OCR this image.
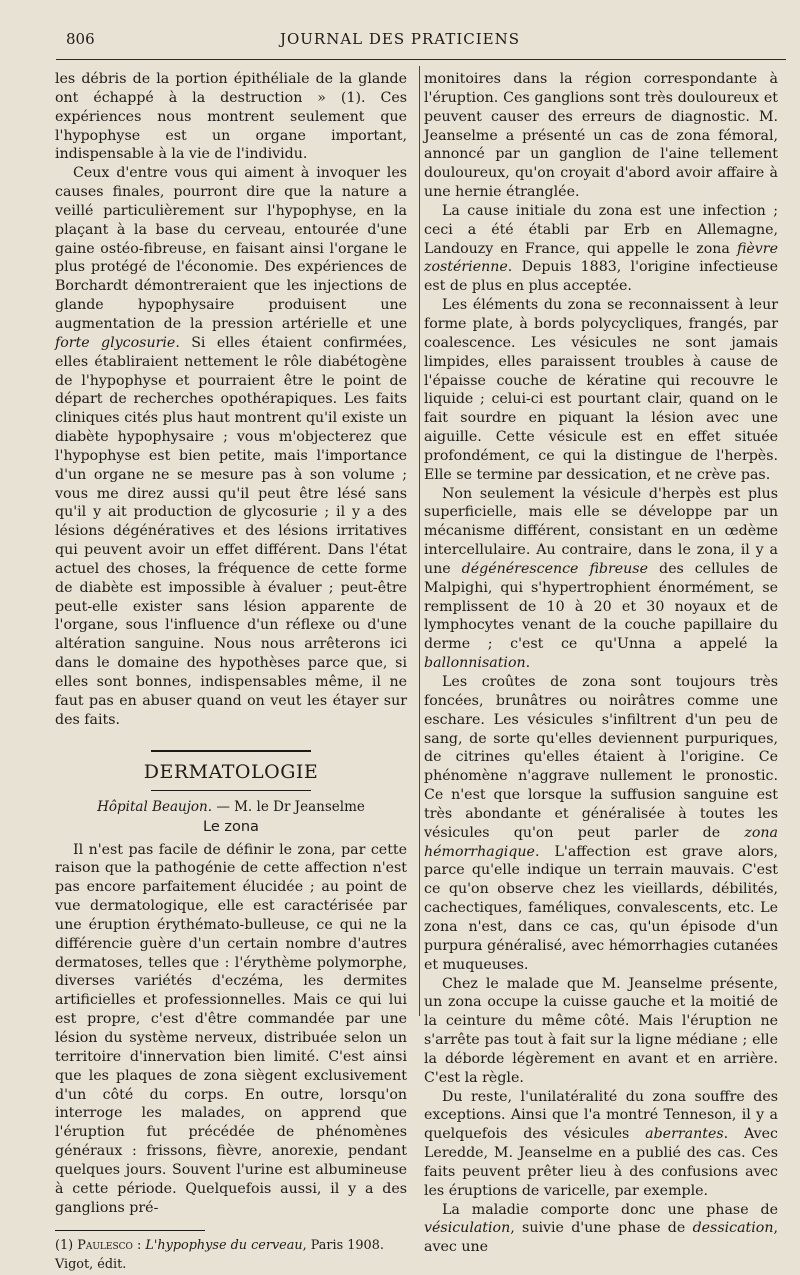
806	JOURNAL DES PRATICIENS

les débris de la portion épithéliale de la glande ont échappé à la destruction » (1). Ces expériences nous montrent seulement que l'hypophyse est un organe important, indispensable à la vie de l'individu.

Ceux d'entre vous qui aiment à invoquer les causes finales, pourront dire que la nature a veillé particulièrement sur l'hypophyse, en la plaçant à la base du cerveau, entourée d'une gaine ostéo-fibreuse, en faisant ainsi l'organe le plus protégé de l'économie. Des expériences de Borchardt démontreraient que les injections de glande hypophysaire produisent une augmentation de la pression artérielle et une forte glycosurie. Si elles étaient confirmées, elles établiraient nettement le rôle diabétogène de l'hypophyse et pourraient être le point de départ de recherches opothérapiques. Les faits cliniques cités plus haut montrent qu'il existe un diabète hypophysaire ; vous m'objecterez que l'hypophyse est bien petite, mais l'importance d'un organe ne se mesure pas à son volume ; vous me direz aussi qu'il peut être lésé sans qu'il y ait production de glycosurie ; il y a des lésions dégénératives et des lésions irritatives qui peuvent avoir un effet différent. Dans l'état actuel des choses, la fréquence de cette forme de diabète est impossible à évaluer ; peut-être peut-elle exister sans lésion apparente de l'organe, sous l'influence d'un réflexe ou d'une altération sanguine. Nous nous arrêterons ici dans le domaine des hypothèses parce que, si elles sont bonnes, indispensables même, il ne faut pas en abuser quand on veut les étayer sur des faits.

DERMATOLOGIE
Hôpital Beaujon. — M. le Dr Jeanselme
Le zona

Il n'est pas facile de définir le zona, par cette raison que la pathogénie de cette affection n'est pas encore parfaitement élucidée ; au point de vue dermatologique, elle est caractérisée par une éruption érythémato-bulleuse, ce qui ne la différencie guère d'un certain nombre d'autres dermatoses, telles que : l'érythème polymorphe, diverses variétés d'eczéma, les dermites artificielles et professionnelles. Mais ce qui lui est propre, c'est d'être commandée par une lésion du système nerveux, distribuée selon un territoire d'innervation bien limité. C'est ainsi que les plaques de zona siègent exclusivement d'un côté du corps. En outre, lorsqu'on interroge les malades, on apprend que l'éruption fut précédée de phénomènes généraux : frissons, fièvre, anorexie, pendant quelques jours. Souvent l'urine est albumineuse à cette période. Quelquefois aussi, il y a des ganglions pré-

(1) Paulesco : L'hypophyse du cerveau, Paris 1908. Vigot, édit.

monitoires dans la région correspondante à l'éruption. Ces ganglions sont très douloureux et peuvent causer des erreurs de diagnostic. M. Jeanselme a présenté un cas de zona fémoral, annoncé par un ganglion de l'aine tellement douloureux, qu'on croyait d'abord avoir affaire à une hernie étranglée.

La cause initiale du zona est une infection ; ceci a été établi par Erb en Allemagne, Landouzy en France, qui appelle le zona fièvre zostérienne. Depuis 1883, l'origine infectieuse est de plus en plus acceptée.

Les éléments du zona se reconnaissent à leur forme plate, à bords polycycliques, frangés, par coalescence. Les vésicules ne sont jamais limpides, elles paraissent troubles à cause de l'épaisse couche de kératine qui recouvre le liquide ; celui-ci est pourtant clair, quand on le fait sourdre en piquant la lésion avec une aiguille. Cette vésicule est en effet située profondément, ce qui la distingue de l'herpès. Elle se termine par dessication, et ne crève pas.

Non seulement la vésicule d'herpès est plus superficielle, mais elle se développe par un mécanisme différent, consistant en un œdème intercellulaire. Au contraire, dans le zona, il y a une dégénérescence fibreuse des cellules de Malpighi, qui s'hypertrophient énormément, se remplissent de 10 à 20 et 30 noyaux et de lymphocytes venant de la couche papillaire du derme ; c'est ce qu'Unna a appelé la ballonnisation.

Les croûtes de zona sont toujours très foncées, brunâtres ou noirâtres comme une eschare. Les vésicules s'infiltrent d'un peu de sang, de sorte qu'elles deviennent purpuriques, de citrines qu'elles étaient à l'origine. Ce phénomène n'aggrave nullement le pronostic. Ce n'est que lorsque la suffusion sanguine est très abondante et généralisée à toutes les vésicules qu'on peut parler de zona hémorrhagique. L'affection est grave alors, parce qu'elle indique un terrain mauvais. C'est ce qu'on observe chez les vieillards, débilités, cachectiques, faméliques, convalescents, etc. Le zona n'est, dans ce cas, qu'un épisode d'un purpura généralisé, avec hémorrhagies cutanées et muqueuses.

Chez le malade que M. Jeanselme présente, un zona occupe la cuisse gauche et la moitié de la ceinture du même côté. Mais l'éruption ne s'arrête pas tout à fait sur la ligne médiane ; elle la déborde légèrement en avant et en arrière. C'est la règle.

Du reste, l'unilatéralité du zona souffre des exceptions. Ainsi que l'a montré Tenneson, il y a quelquefois des vésicules aberrantes. Avec Leredde, M. Jeanselme en a publié des cas. Ces faits peuvent prêter lieu à des confusions avec les éruptions de varicelle, par exemple.

La maladie comporte donc une phase de vésiculation, suivie d'une phase de dessication, avec une
